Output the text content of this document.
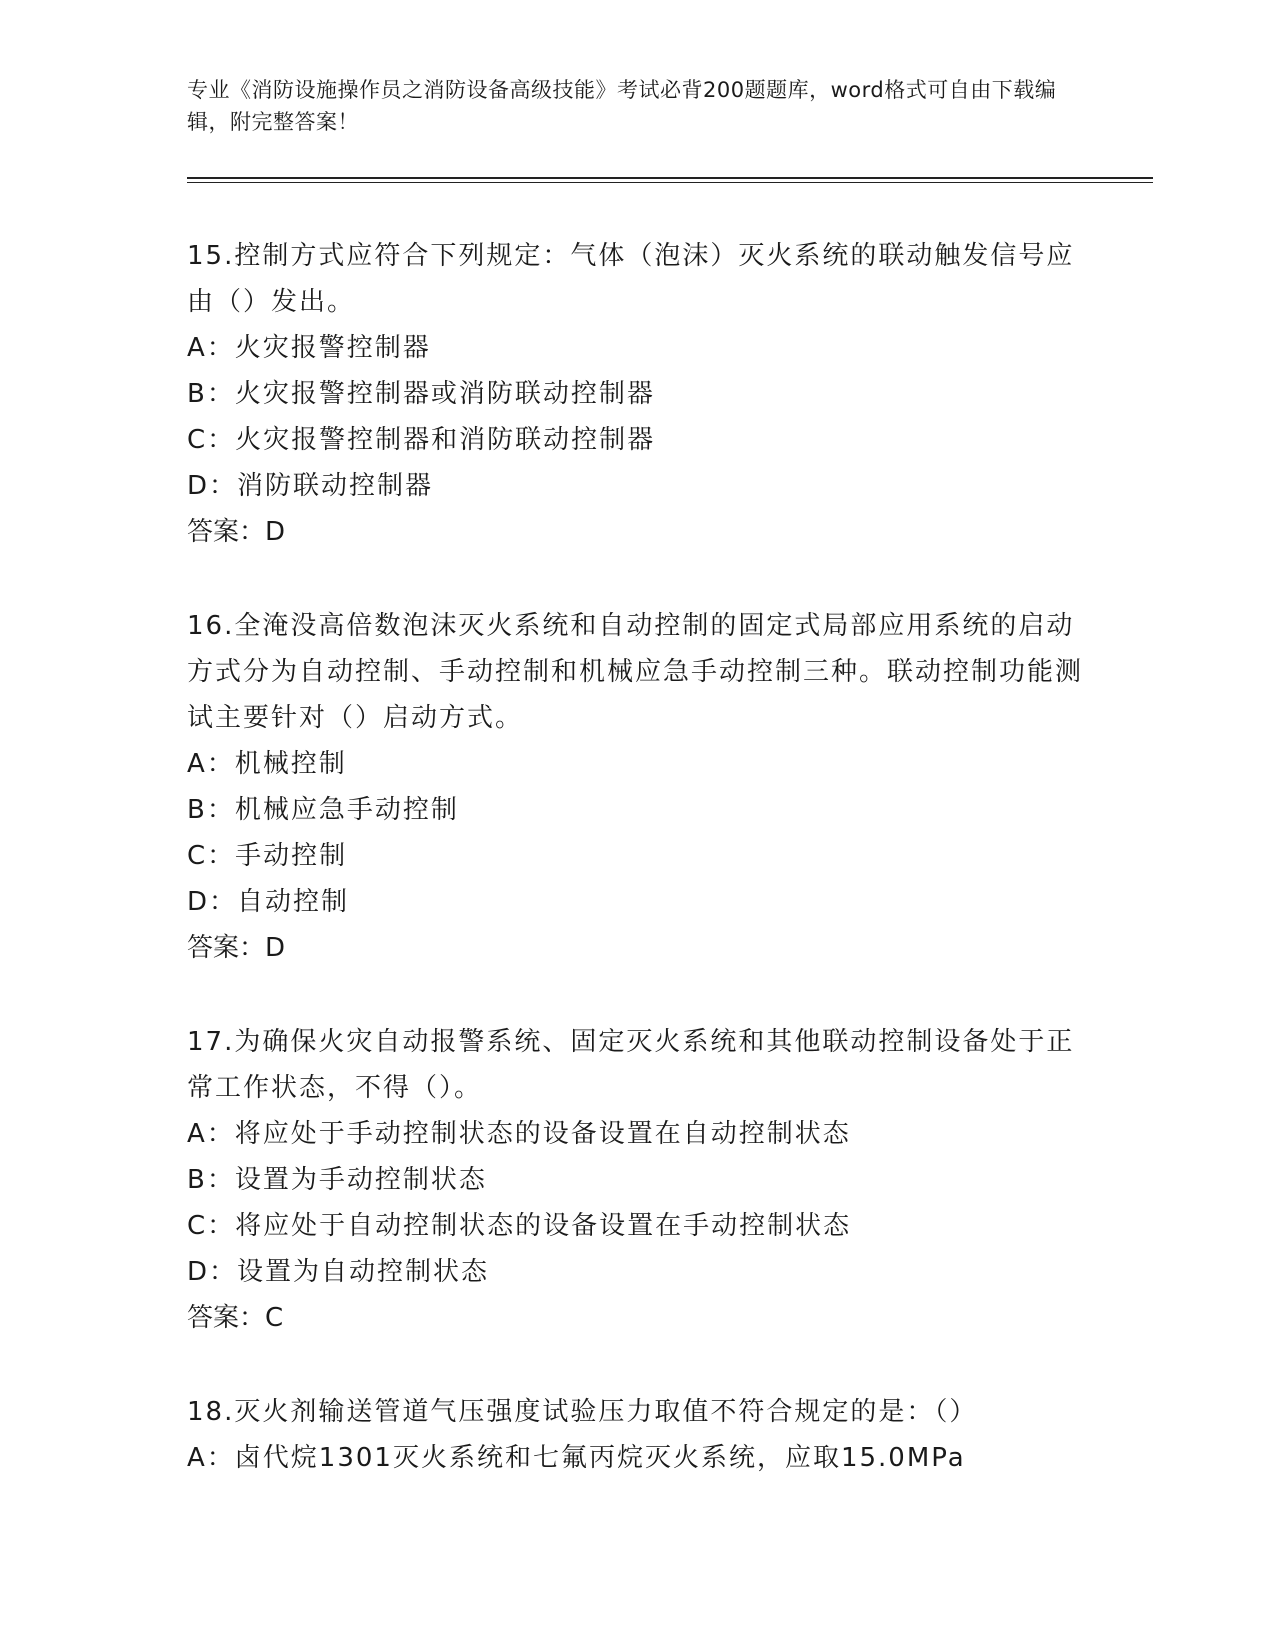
专业《消防设施操作员之消防设备高级技能》考试必背200题题库，word格式可自由下载编辑，附完整答案！
15.控制方式应符合下列规定：气体（泡沫）灭火系统的联动触发信号应由（）发出。
A：火灾报警控制器
B：火灾报警控制器或消防联动控制器
C：火灾报警控制器和消防联动控制器
D：消防联动控制器
答案：D
16.全淹没高倍数泡沫灭火系统和自动控制的固定式局部应用系统的启动方式分为自动控制、手动控制和机械应急手动控制三种。联动控制功能测试主要针对（）启动方式。
A：机械控制
B：机械应急手动控制
C：手动控制
D：自动控制
答案：D
17.为确保火灾自动报警系统、固定灭火系统和其他联动控制设备处于正常工作状态，不得（）。
A：将应处于手动控制状态的设备设置在自动控制状态
B：设置为手动控制状态
C：将应处于自动控制状态的设备设置在手动控制状态
D：设置为自动控制状态
答案：C
18.灭火剂输送管道气压强度试验压力取值不符合规定的是：（）
A：卤代烷1301灭火系统和七氟丙烷灭火系统，应取15.0MPa
